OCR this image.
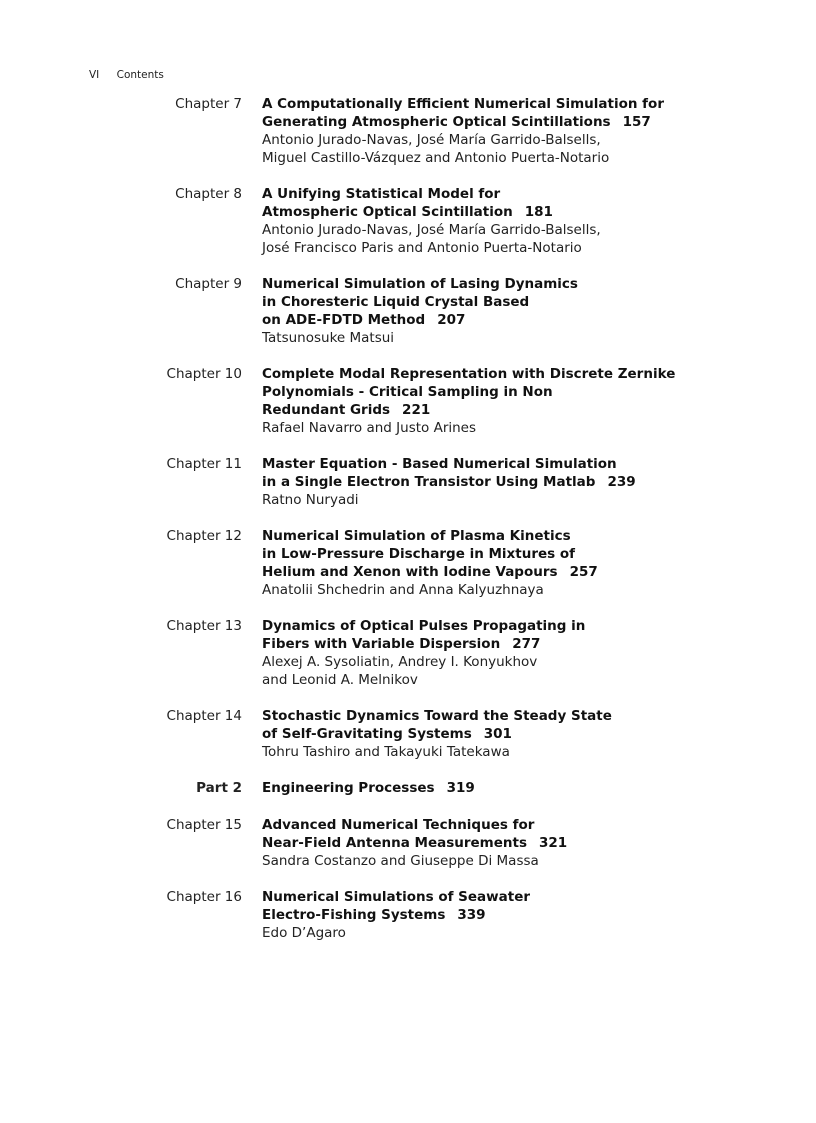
VI Contents
Chapter 7 A Computationally Efficient Numerical Simulation for
Generating Atmospheric Optical Scintillations 157
Antonio Jurado-Navas, José María Garrido-Balsells,
Miguel Castillo-Vázquez and Antonio Puerta-Notario
Chapter 8 A Unifying Statistical Model for
Atmospheric Optical Scintillation 181
Antonio Jurado-Navas, José María Garrido-Balsells,
José Francisco Paris and Antonio Puerta-Notario
Chapter 9 Numerical Simulation of Lasing Dynamics
in Choresteric Liquid Crystal Based
on ADE-FDTD Method 207
Tatsunosuke Matsui
Chapter 10 Complete Modal Representation with Discrete Zernike
Polynomials - Critical Sampling in Non
Redundant Grids 221
Rafael Navarro and Justo Arines
Chapter 11 Master Equation - Based Numerical Simulation
in a Single Electron Transistor Using Matlab 239
Ratno Nuryadi
Chapter 12 Numerical Simulation of Plasma Kinetics
in Low-Pressure Discharge in Mixtures of
Helium and Xenon with Iodine Vapours 257
Anatolii Shchedrin and Anna Kalyuzhnaya
Chapter 13 Dynamics of Optical Pulses Propagating in
Fibers with Variable Dispersion 277
Alexej A. Sysoliatin, Andrey I. Konyukhov
and Leonid A. Melnikov
Chapter 14 Stochastic Dynamics Toward the Steady State
of Self-Gravitating Systems 301
Tohru Tashiro and Takayuki Tatekawa
Part 2 Engineering Processes 319
Chapter 15 Advanced Numerical Techniques for
Near-Field Antenna Measurements 321
Sandra Costanzo and Giuseppe Di Massa
Chapter 16 Numerical Simulations of Seawater
Electro-Fishing Systems 339
Edo D’Agaro
